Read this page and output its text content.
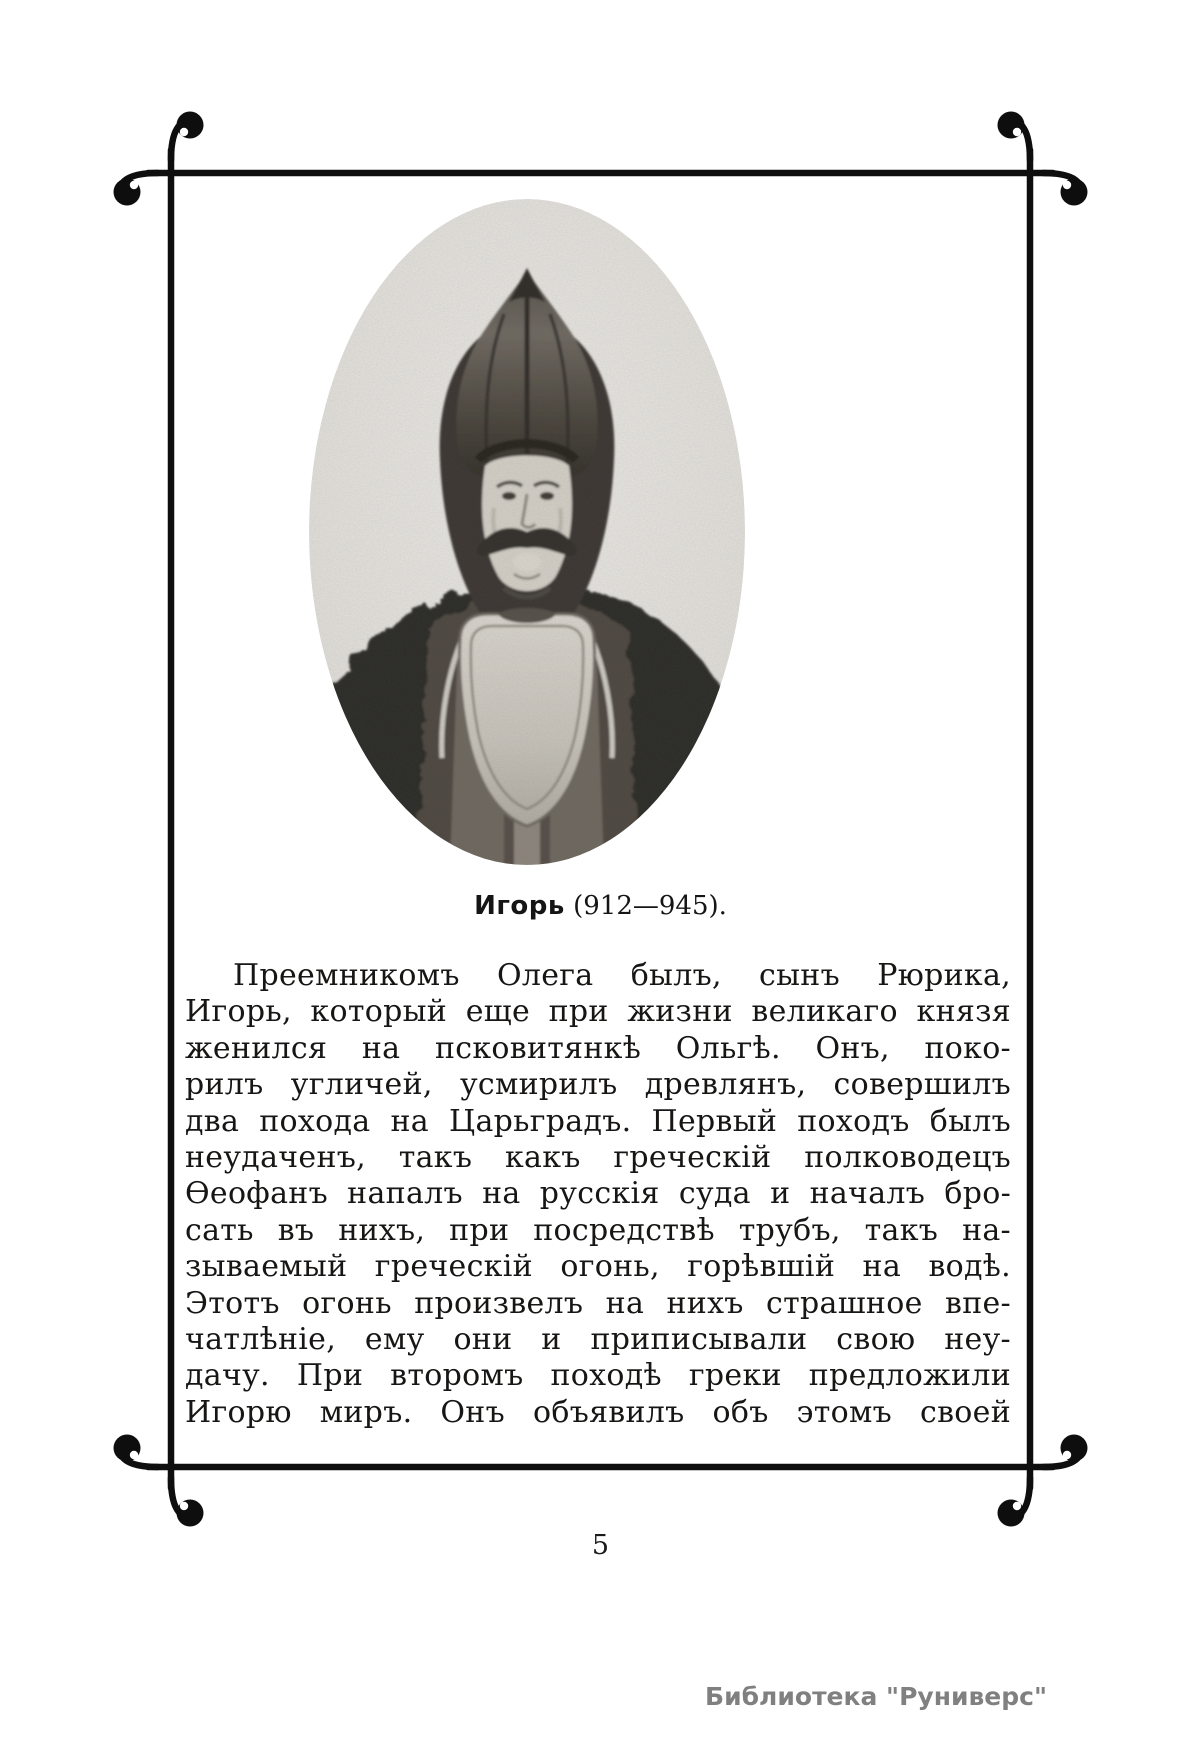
Игорь (912—945).
Преемникомъ Олега былъ, сынъ Рюрика,
Игорь, который еще при жизни великаго князя
женился на псковитянкѣ Ольгѣ. Онъ, поко-
рилъ угличей, усмирилъ древлянъ, совершилъ
два похода на Царьградъ. Первый походъ былъ
неудаченъ, такъ какъ греческій полководецъ
Ѳеофанъ напалъ на русскія суда и началъ бро-
сать въ нихъ, при посредствѣ трубъ, такъ на-
зываемый греческій огонь, горѣвшій на водѣ.
Этотъ огонь произвелъ на нихъ страшное впе-
чатлѣніе, ему они и приписывали свою неу-
дачу. При второмъ походѣ греки предложили
Игорю миръ. Онъ объявилъ объ этомъ своей
5
Библиотека "Руниверс"
